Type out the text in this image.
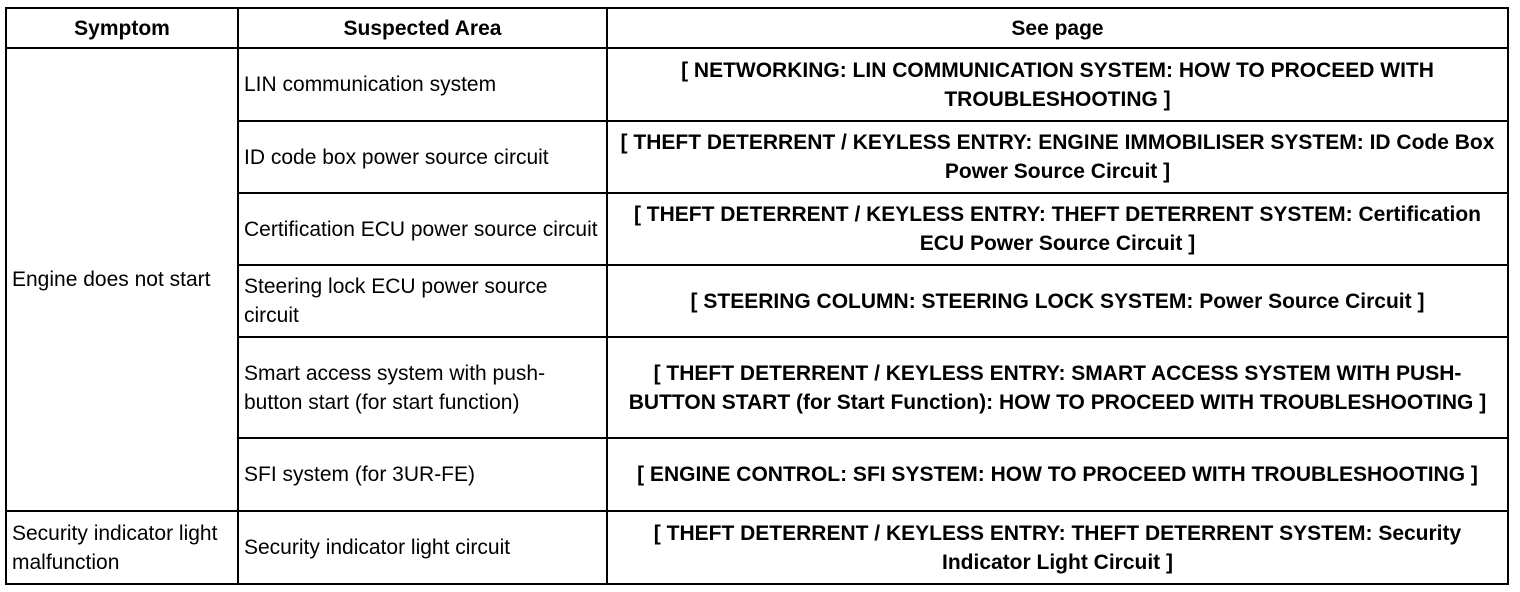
Symptom	Suspected Area	See page
Engine does not start	LIN communication system	[ NETWORKING: LIN COMMUNICATION SYSTEM: HOW TO PROCEED WITH TROUBLESHOOTING ]
	ID code box power source circuit	[ THEFT DETERRENT / KEYLESS ENTRY: ENGINE IMMOBILISER SYSTEM: ID Code Box Power Source Circuit ]
	Certification ECU power source circuit	[ THEFT DETERRENT / KEYLESS ENTRY: THEFT DETERRENT SYSTEM: Certification ECU Power Source Circuit ]
	Steering lock ECU power source circuit	[ STEERING COLUMN: STEERING LOCK SYSTEM: Power Source Circuit ]
	Smart access system with push-button start (for start function)	[ THEFT DETERRENT / KEYLESS ENTRY: SMART ACCESS SYSTEM WITH PUSH-BUTTON START (for Start Function): HOW TO PROCEED WITH TROUBLESHOOTING ]
	SFI system (for 3UR-FE)	[ ENGINE CONTROL: SFI SYSTEM: HOW TO PROCEED WITH TROUBLESHOOTING ]
Security indicator light malfunction	Security indicator light circuit	[ THEFT DETERRENT / KEYLESS ENTRY: THEFT DETERRENT SYSTEM: Security Indicator Light Circuit ]
